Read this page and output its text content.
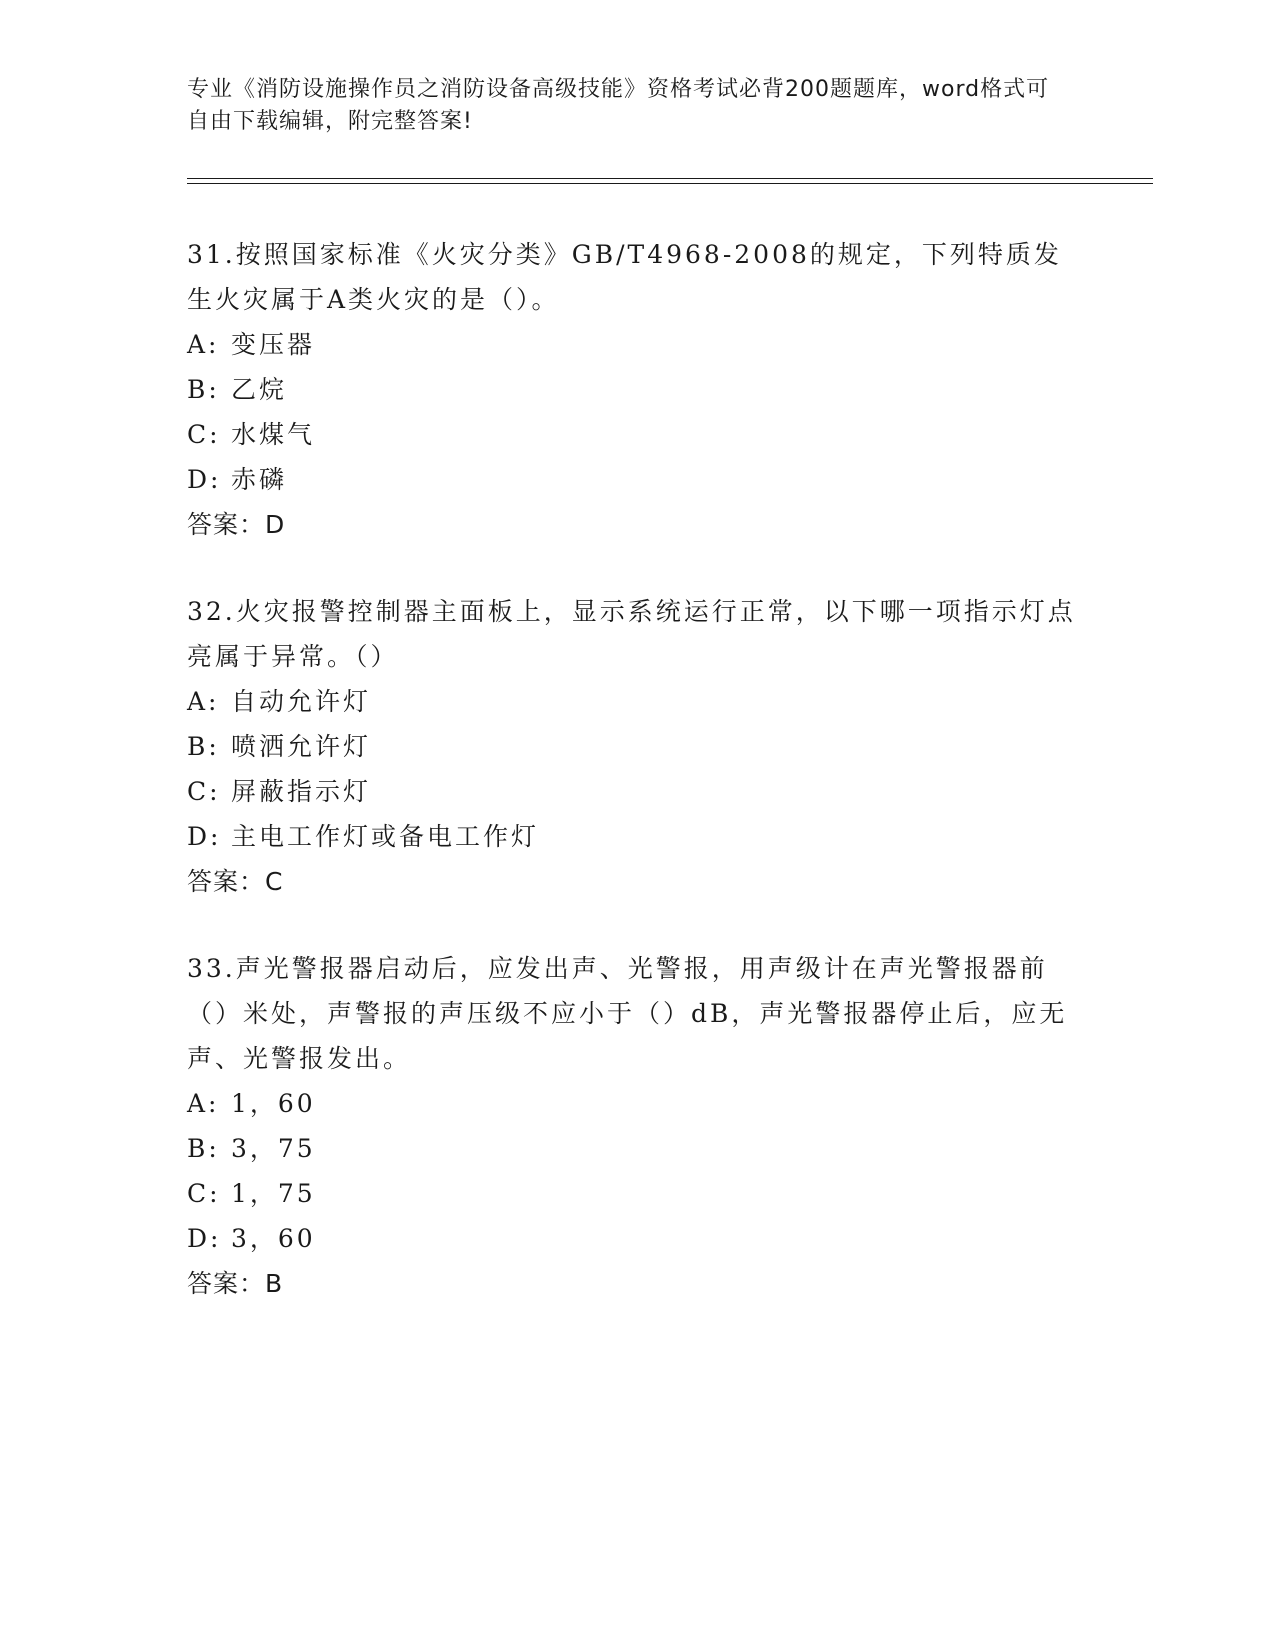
专业《消防设施操作员之消防设备高级技能》资格考试必背200题题库，word格式可自由下载编辑，附完整答案!

31.按照国家标准《火灾分类》GB/T4968-2008的规定，下列特质发生火灾属于A类火灾的是（）。

A: 变压器

B: 乙烷

C: 水煤气

D: 赤磷

答案：D

32.火灾报警控制器主面板上，显示系统运行正常，以下哪一项指示灯点亮属于异常。（）

A: 自动允许灯

B: 喷洒允许灯

C: 屏蔽指示灯

D: 主电工作灯或备电工作灯

答案：C

33.声光警报器启动后，应发出声、光警报，用声级计在声光警报器前（）米处，声警报的声压级不应小于（）dB，声光警报器停止后，应无声、光警报发出。

A: 1，60

B: 3，75

C: 1，75

D: 3，60

答案：B
